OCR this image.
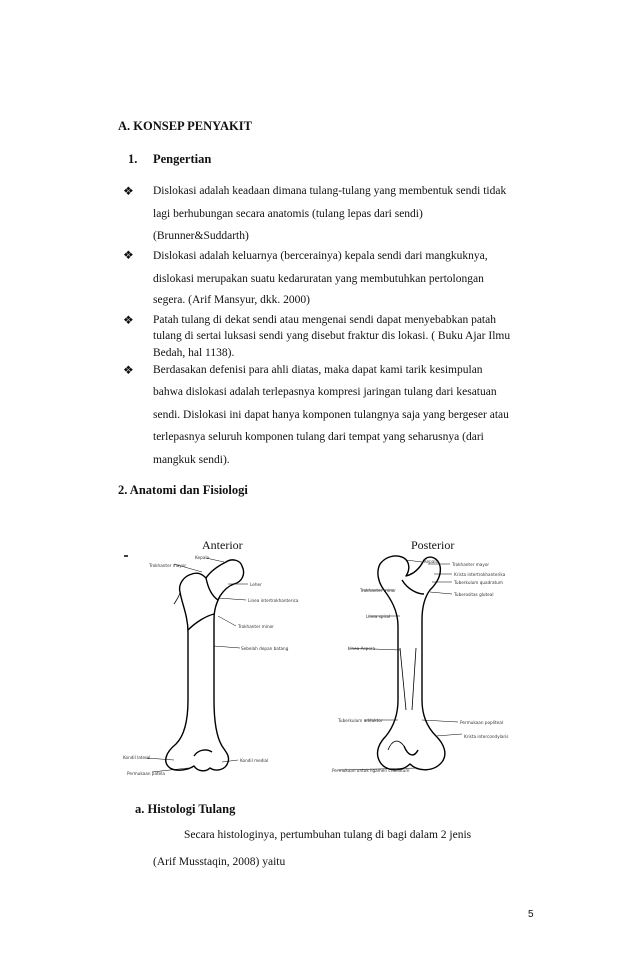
A. KONSEP PENYAKIT
1. Pengertian
❖ Dislokasi adalah keadaan dimana tulang-tulang yang membentuk sendi tidak
lagi berhubungan secara anatomis (tulang lepas dari sendi)
(Brunner&Suddarth)
❖ Dislokasi adalah keluarnya (bercerainya) kepala sendi dari mangkuknya,
dislokasi merupakan suatu kedaruratan yang membutuhkan pertolongan
segera. (Arif Mansyur, dkk. 2000)
❖ Patah tulang di dekat sendi atau mengenai sendi dapat menyebabkan patah
tulang di sertai luksasi sendi yang disebut fraktur dis lokasi. ( Buku Ajar Ilmu
Bedah, hal 1138).
❖ Berdasakan defenisi para ahli diatas, maka dapat kami tarik kesimpulan
bahwa dislokasi adalah terlepasnya kompresi jaringan tulang dari kesatuan
sendi. Dislokasi ini dapat hanya komponen tulangnya saja yang bergeser atau
terlepasnya seluruh komponen tulang dari tempat yang seharusnya (dari
mangkuk sendi).
2. Anatomi dan Fisiologi
Anterior	Posterior
Kepala
Trokhanter mayor
Leher
Linea intertrokhanterica
Trokhanter minor
Sebelah depan batang
Kondil lateral
Permukaan patela
Kondil medial
Kepala
Trokhanter mayor
Krista intertrokhanterika
Tuberkulum quadratum
Trokhanter minor
Tuberositas gluteal
Linea spiral
Linea Aspera
Tuberkulum adduktor	Permukaan popliteal
Krista intercondylaris
Permukaan untuk ligamen cruciatum
a. Histologi Tulang
Secara histologinya, pertumbuhan tulang di bagi dalam 2 jenis
(Arif Musstaqin, 2008) yaitu
5
